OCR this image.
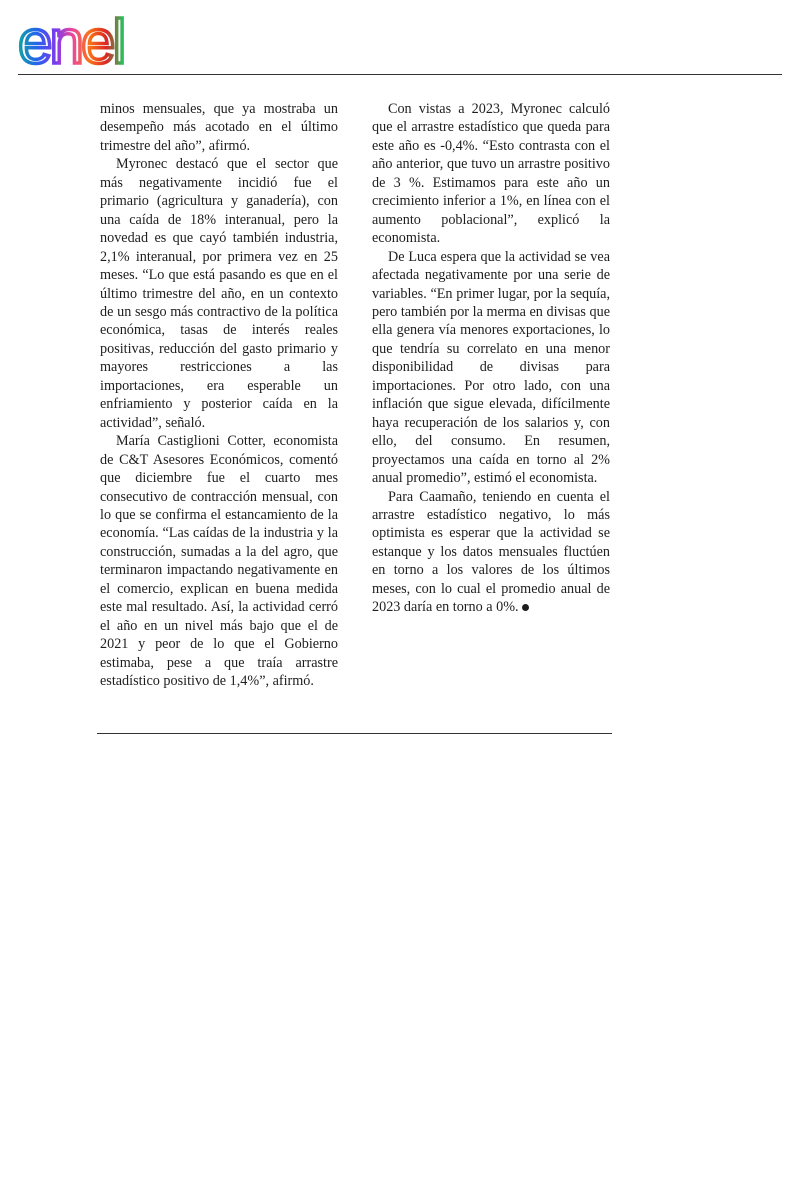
enel

minos mensuales, que ya mostraba un desempeño más acotado en el último trimestre del año”, afirmó.

Myronec destacó que el sector que más negativamente incidió fue el primario (agricultura y ganadería), con una caída de 18% interanual, pero la novedad es que cayó también industria, 2,1% interanual, por primera vez en 25 meses. “Lo que está pasando es que en el último trimestre del año, en un contexto de un sesgo más contractivo de la política económica, tasas de interés reales positivas, reducción del gasto primario y mayores restricciones a las importaciones, era esperable un enfriamiento y posterior caída en la actividad”, señaló.

María Castiglioni Cotter, economista de C&T Asesores Económicos, comentó que diciembre fue el cuarto mes consecutivo de contracción mensual, con lo que se confirma el estancamiento de la economía. “Las caídas de la industria y la construcción, sumadas a la del agro, que terminaron impactando negativamente en el comercio, explican en buena medida este mal resultado. Así, la actividad cerró el año en un nivel más bajo que el de 2021 y peor de lo que el Gobierno estimaba, pese a que traía arrastre estadístico positivo de 1,4%”, afirmó.

Con vistas a 2023, Myronec calculó que el arrastre estadístico que queda para este año es -0,4%. “Esto contrasta con el año anterior, que tuvo un arrastre positivo de 3 %. Estimamos para este año un crecimiento inferior a 1%, en línea con el aumento poblacional”, explicó la economista.

De Luca espera que la actividad se vea afectada negativamente por una serie de variables. “En primer lugar, por la sequía, pero también por la merma en divisas que ella genera vía menores exportaciones, lo que tendría su correlato en una menor disponibilidad de divisas para importaciones. Por otro lado, con una inflación que sigue elevada, difícilmente haya recuperación de los salarios y, con ello, del consumo. En resumen, proyectamos una caída en torno al 2% anual promedio”, estimó el economista.

Para Caamaño, teniendo en cuenta el arrastre estadístico negativo, lo más optimista es esperar que la actividad se estanque y los datos mensuales fluctúen en torno a los valores de los últimos meses, con lo cual el promedio anual de 2023 daría en torno a 0%.
